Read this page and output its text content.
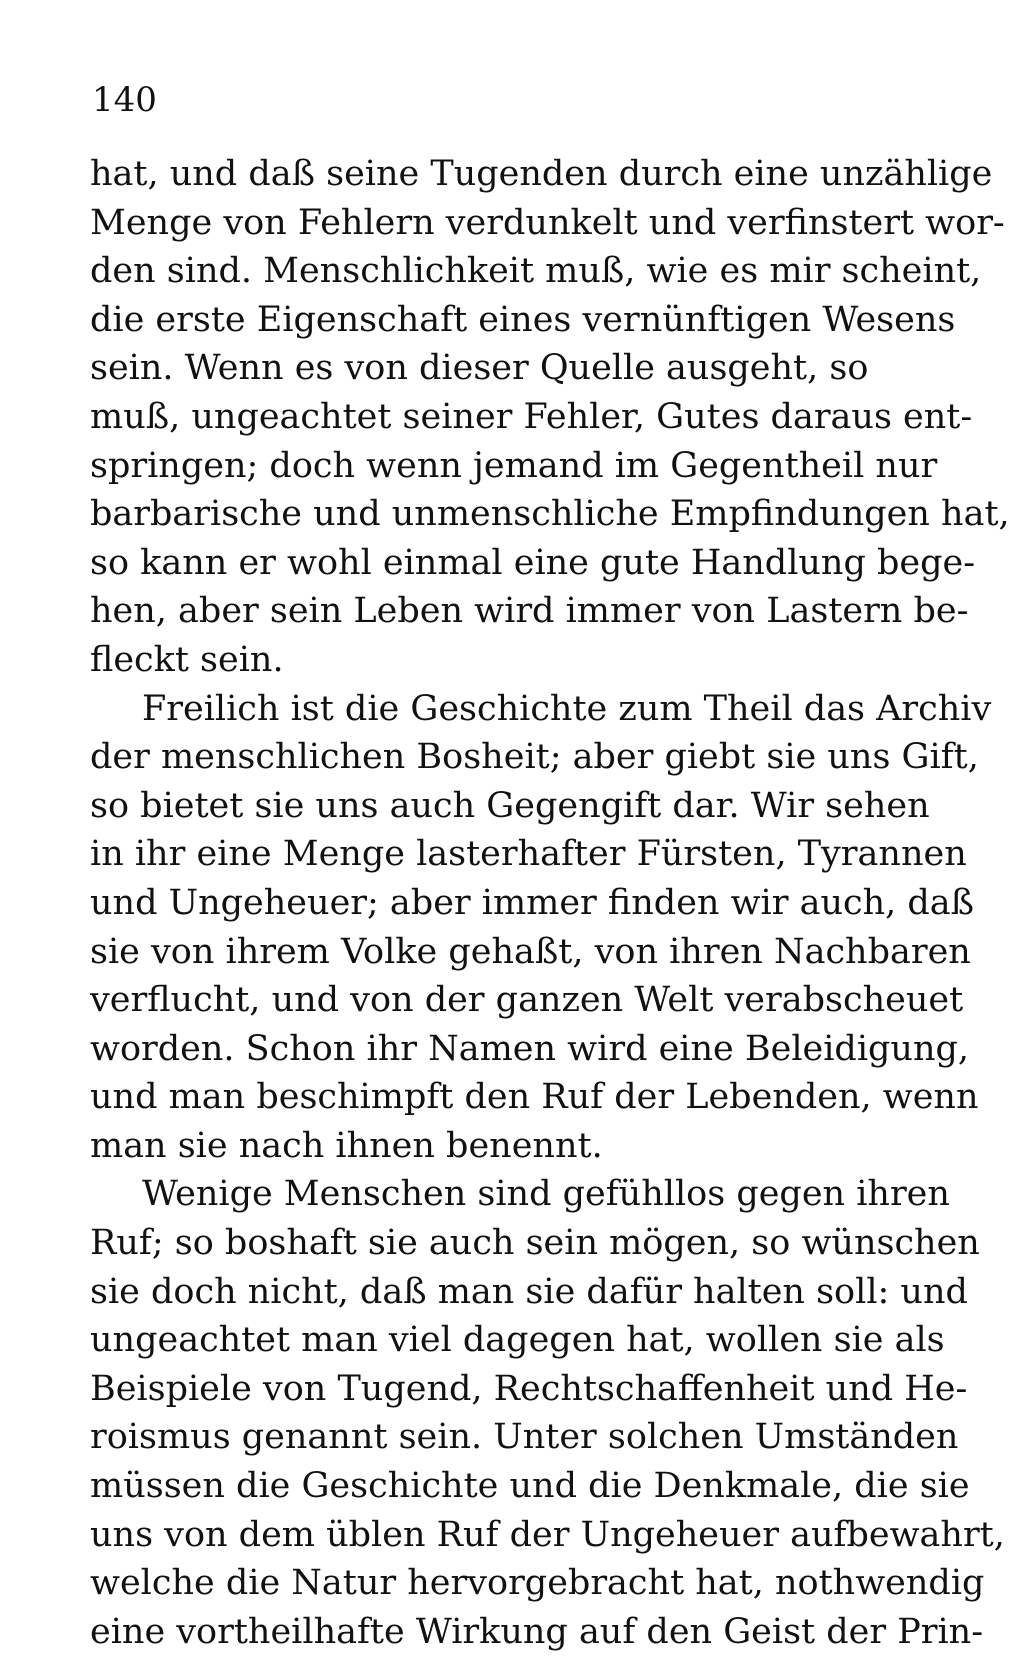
140
hat, und daß seine Tugenden durch eine unzählige
Menge von Fehlern verdunkelt und verfinstert wor-
den sind. Menschlichkeit muß, wie es mir scheint,
die erste Eigenschaft eines vernünftigen Wesens
sein. Wenn es von dieser Quelle ausgeht, so
muß, ungeachtet seiner Fehler, Gutes daraus ent-
springen; doch wenn jemand im Gegentheil nur
barbarische und unmenschliche Empfindungen hat,
so kann er wohl einmal eine gute Handlung bege-
hen, aber sein Leben wird immer von Lastern be-
fleckt sein.
Freilich ist die Geschichte zum Theil das Archiv
der menschlichen Bosheit; aber giebt sie uns Gift,
so bietet sie uns auch Gegengift dar. Wir sehen
in ihr eine Menge lasterhafter Fürsten, Tyrannen
und Ungeheuer; aber immer finden wir auch, daß
sie von ihrem Volke gehaßt, von ihren Nachbaren
verflucht, und von der ganzen Welt verabscheuet
worden. Schon ihr Namen wird eine Beleidigung,
und man beschimpft den Ruf der Lebenden, wenn
man sie nach ihnen benennt.
Wenige Menschen sind gefühllos gegen ihren
Ruf; so boshaft sie auch sein mögen, so wünschen
sie doch nicht, daß man sie dafür halten soll: und
ungeachtet man viel dagegen hat, wollen sie als
Beispiele von Tugend, Rechtschaffenheit und He-
roismus genannt sein. Unter solchen Umständen
müssen die Geschichte und die Denkmale, die sie
uns von dem üblen Ruf der Ungeheuer aufbewahrt,
welche die Natur hervorgebracht hat, nothwendig
eine vortheilhafte Wirkung auf den Geist der Prin-
